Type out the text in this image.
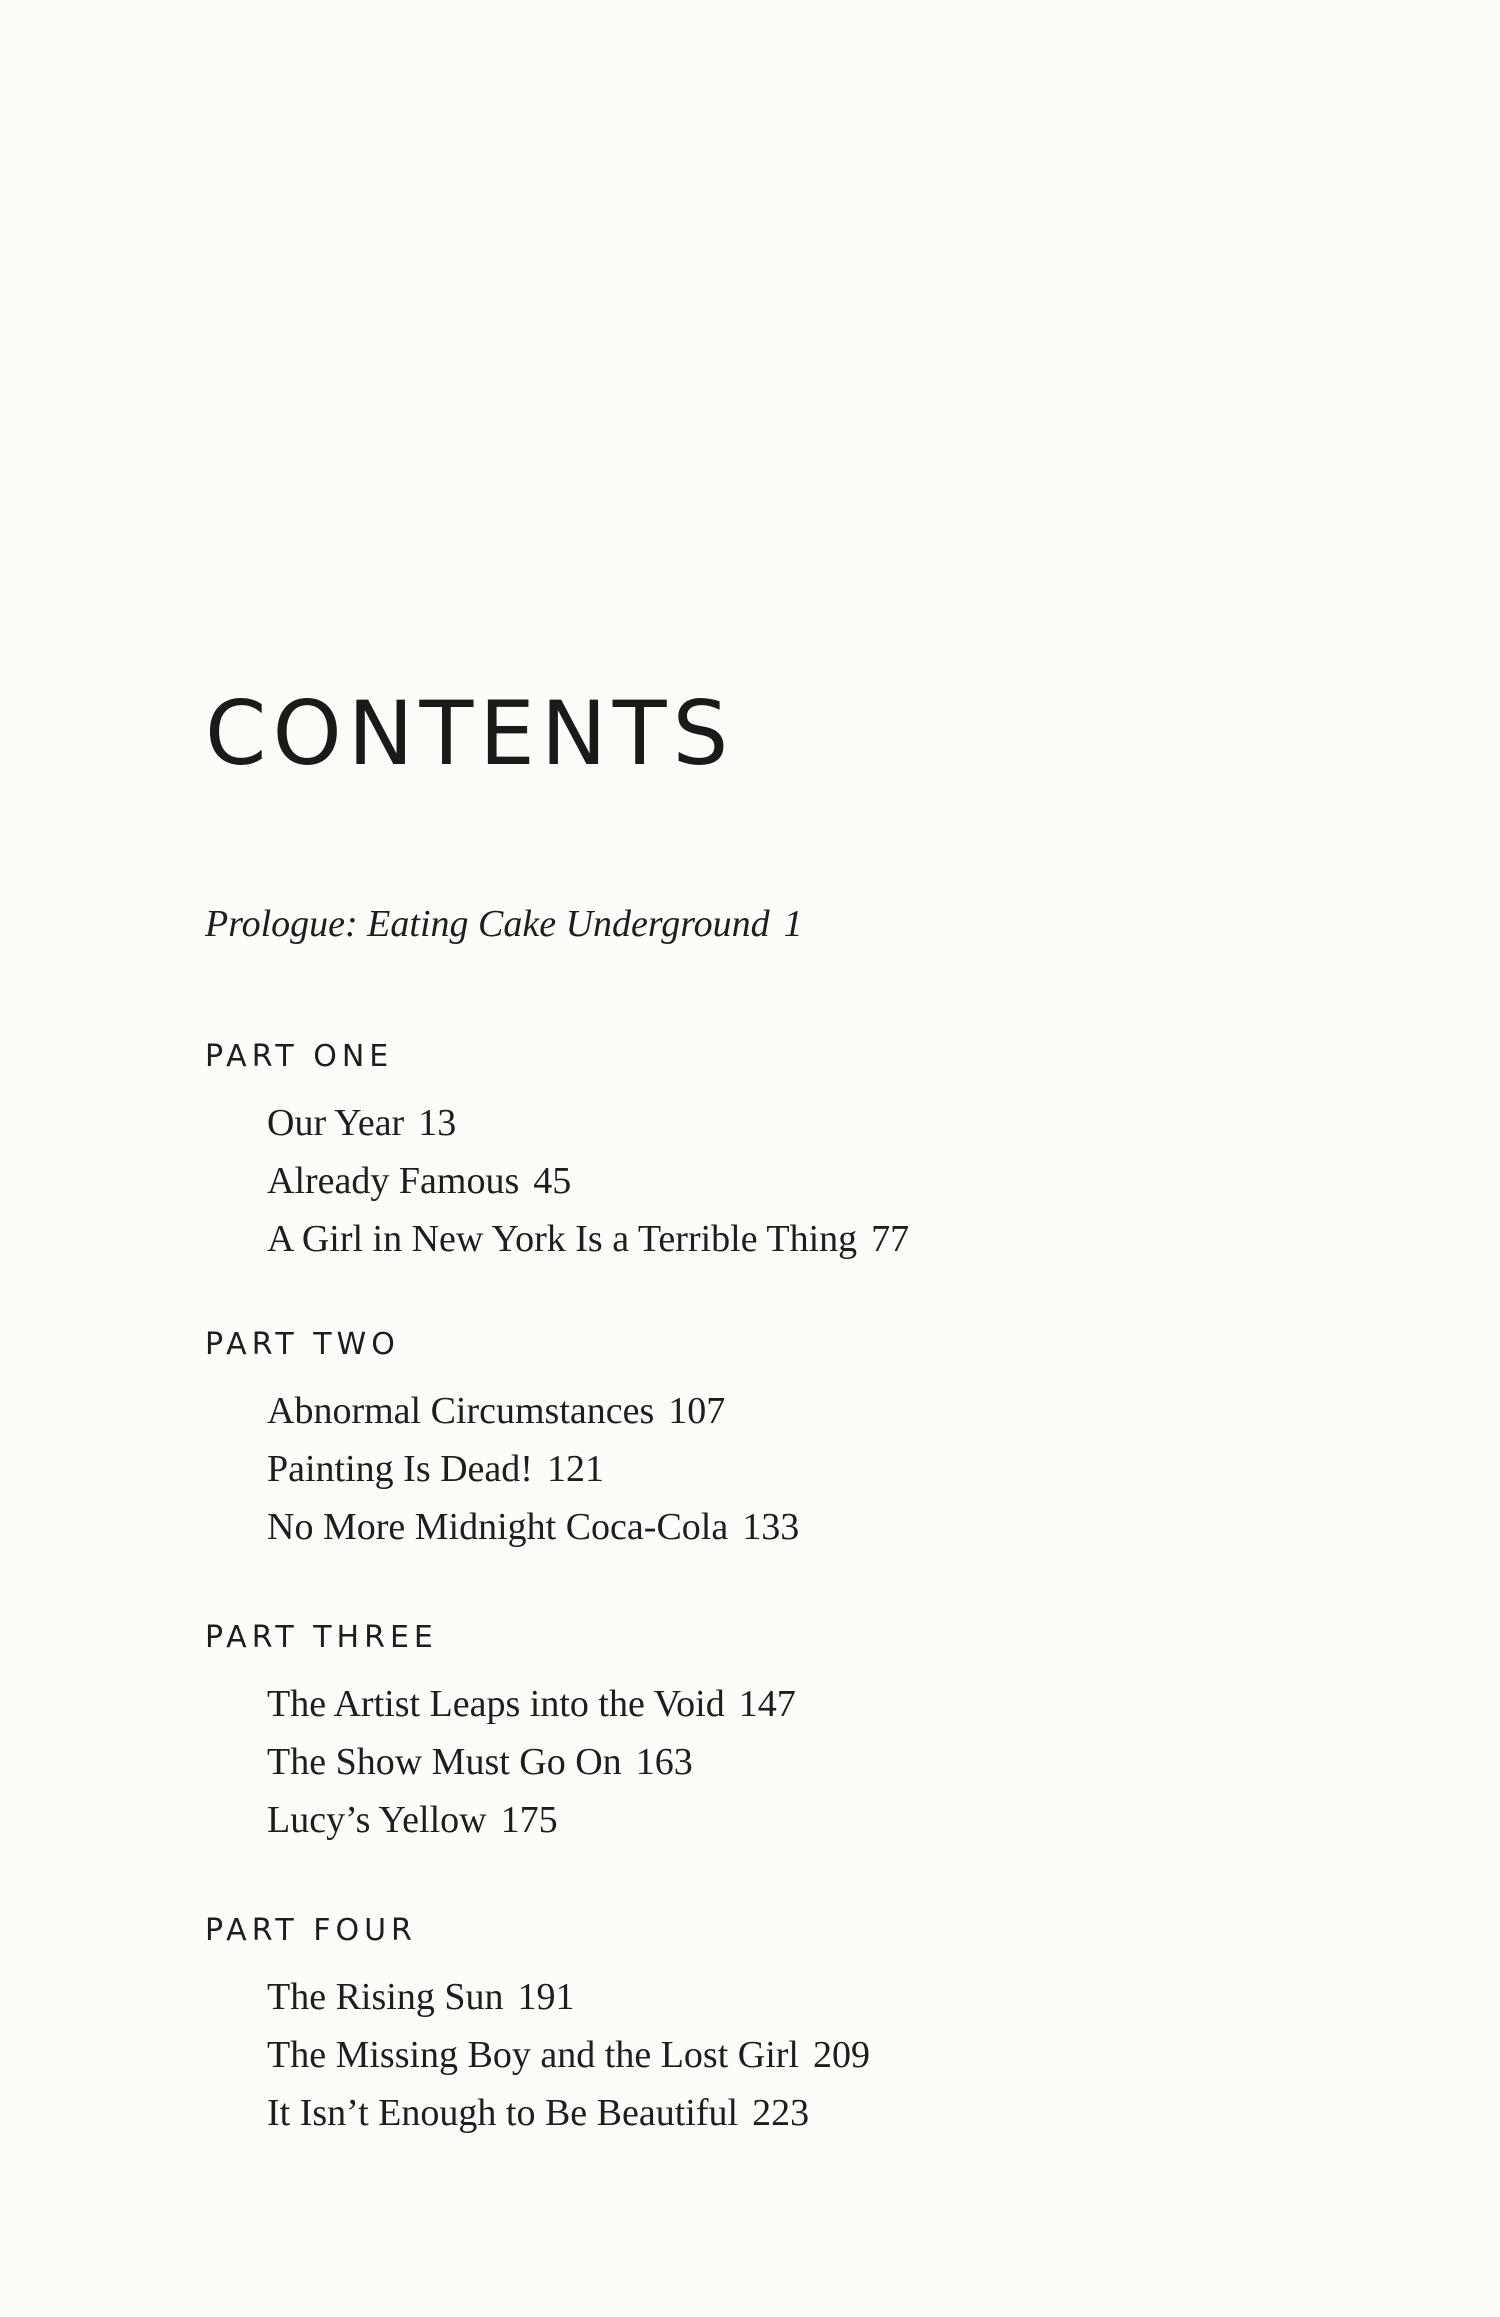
CONTENTS
Prologue: Eating Cake Underground 1
PART ONE
Our Year 13
Already Famous 45
A Girl in New York Is a Terrible Thing 77
PART TWO
Abnormal Circumstances 107
Painting Is Dead! 121
No More Midnight Coca-Cola 133
PART THREE
The Artist Leaps into the Void 147
The Show Must Go On 163
Lucy’s Yellow 175
PART FOUR
The Rising Sun 191
The Missing Boy and the Lost Girl 209
It Isn’t Enough to Be Beautiful 223
